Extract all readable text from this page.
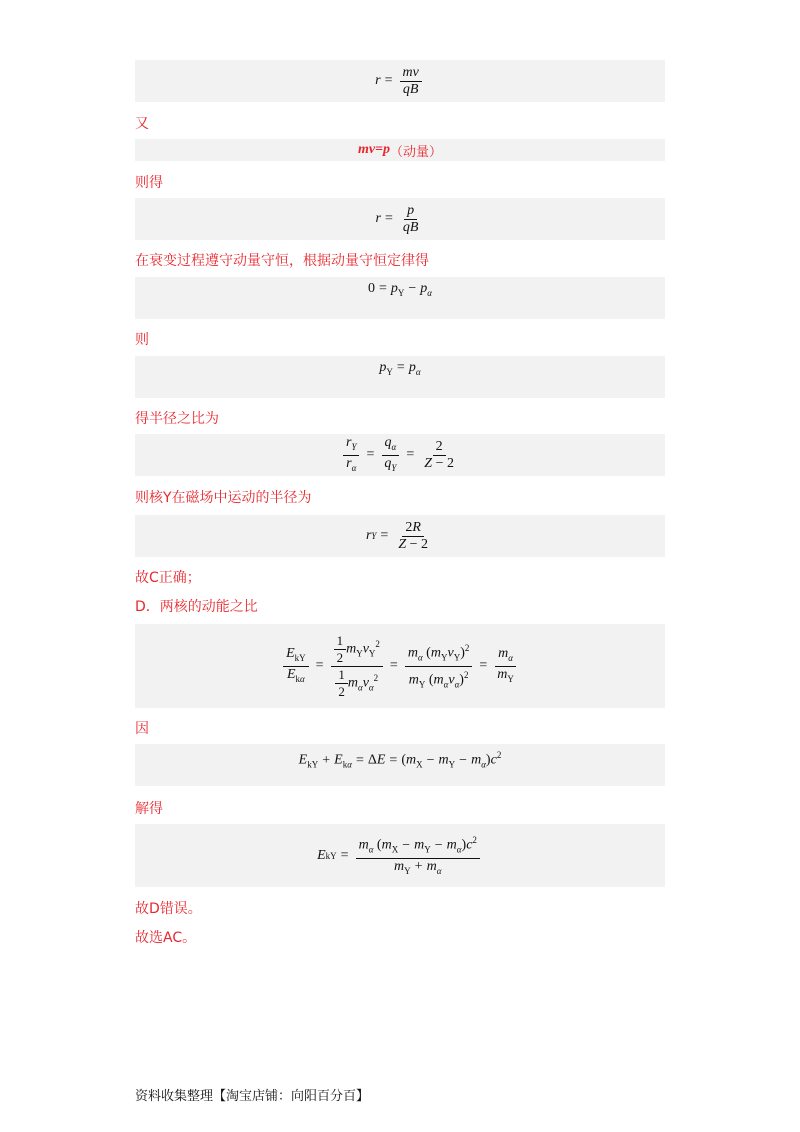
$r = \frac{mv}{qB}$
又
mv=p （动量）
则得
$r = \frac{p}{qB}$
在衰变过程遵守动量守恒，根据动量守恒定律得
$0 = p_Y - p_\alpha$
则
$p_Y = p_\alpha$
得半径之比为
$\frac{r_Y}{r_\alpha} = \frac{q_\alpha}{q_Y} = \frac{2}{Z - 2}$
则核Y在磁场中运动的半径为
r $Y = \frac{2R}{Z - 2}$
故C正确；
D．两核的动能之比
$\frac{E_{kY}}{E_{k\alpha}} = \frac{\frac{1}{2} m_Yv_Y^2}{\frac{1}{2} m_\alpha v_\alpha^2} = \frac{m_\alpha (m_Yv_Y)^2}{m_Y (m_\alpha v_\alpha)^2} = \frac{m_\alpha}{m_Y}$
因
$E_{kY} + E_{k\alpha} = \Delta E = (m_X - m_Y - m_\alpha)c^2$
解得
E kY = $\frac{m_\alpha (m_X - m_Y - m_\alpha)c^2}{m_Y + m_\alpha}$
故D错误。
故选AC。
资料收集整理【淘宝店铺：向阳百分百】
